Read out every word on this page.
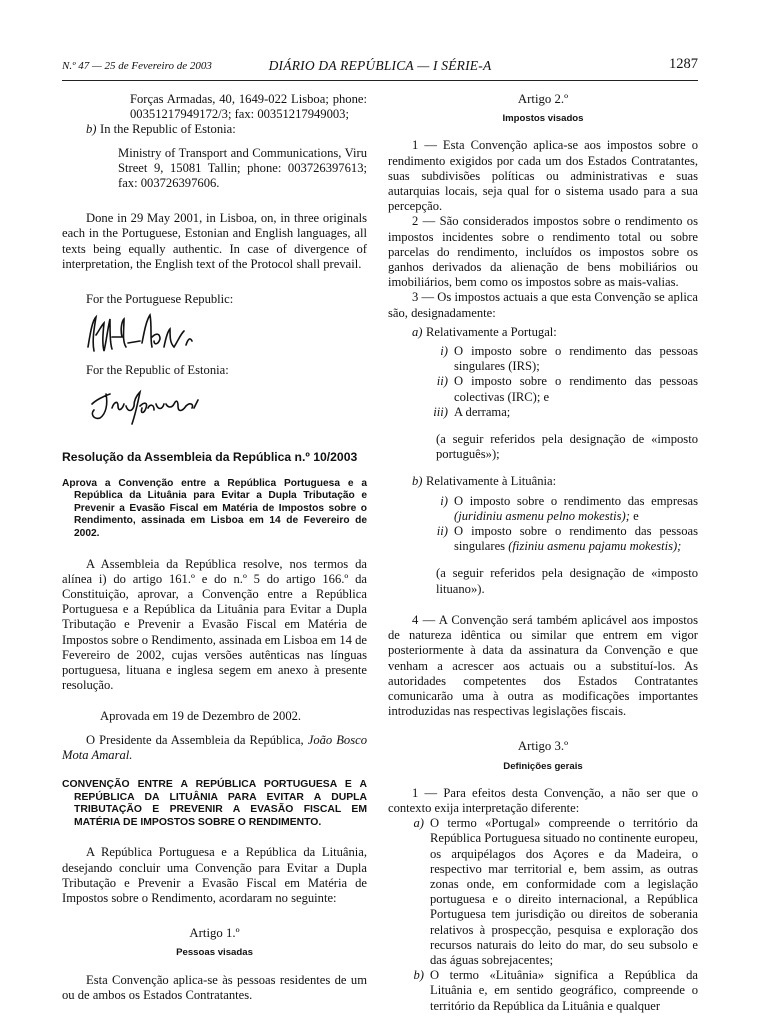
N.º 47 — 25 de Fevereiro de 2003	DIÁRIO DA REPÚBLICA — I SÉRIE-A	1287

Forças Armadas, 40, 1649-022 Lisboa; phone: 00351217949172/3; fax: 00351217949003;

b) In the Republic of Estonia:

Ministry of Transport and Communications, Viru Street 9, 15081 Tallin; phone: 003726397613; fax: 003726397606.

Done in 29 May 2001, in Lisboa, on, in three originals each in the Portuguese, Estonian and English languages, all texts being equally authentic. In case of divergence of interpretation, the English text of the Protocol shall prevail.

For the Portuguese Republic:

For the Republic of Estonia:

Resolução da Assembleia da República n.º 10/2003

Aprova a Convenção entre a República Portuguesa e a República da Lituânia para Evitar a Dupla Tributação e Prevenir a Evasão Fiscal em Matéria de Impostos sobre o Rendimento, assinada em Lisboa em 14 de Fevereiro de 2002.

A Assembleia da República resolve, nos termos da alínea i) do artigo 161.º e do n.º 5 do artigo 166.º da Constituição, aprovar, a Convenção entre a República Portuguesa e a República da Lituânia para Evitar a Dupla Tributação e Prevenir a Evasão Fiscal em Matéria de Impostos sobre o Rendimento, assinada em Lisboa em 14 de Fevereiro de 2002, cujas versões autênticas nas línguas portuguesa, lituana e inglesa segem em anexo à presente resolução.

Aprovada em 19 de Dezembro de 2002.

O Presidente da Assembleia da República, João Bosco Mota Amaral.

CONVENÇÃO ENTRE A REPÚBLICA PORTUGUESA E A REPÚBLICA DA LITUÂNIA PARA EVITAR A DUPLA TRIBUTAÇÃO E PREVENIR A EVASÃO FISCAL EM MATÉRIA DE IMPOSTOS SOBRE O RENDIMENTO.

A República Portuguesa e a República da Lituânia, desejando concluir uma Convenção para Evitar a Dupla Tributação e Prevenir a Evasão Fiscal em Matéria de Impostos sobre o Rendimento, acordaram no seguinte:

Artigo 1.º
Pessoas visadas

Esta Convenção aplica-se às pessoas residentes de um ou de ambos os Estados Contratantes.

Artigo 2.º
Impostos visados

1 — Esta Convenção aplica-se aos impostos sobre o rendimento exigidos por cada um dos Estados Contratantes, suas subdivisões políticas ou administrativas e suas autarquias locais, seja qual for o sistema usado para a sua percepção.

2 — São considerados impostos sobre o rendimento os impostos incidentes sobre o rendimento total ou sobre parcelas do rendimento, incluídos os impostos sobre os ganhos derivados da alienação de bens mobiliários ou imobiliários, bem como os impostos sobre as mais-valias.

3 — Os impostos actuais a que esta Convenção se aplica são, designadamente:

a) Relativamente a Portugal:
i) O imposto sobre o rendimento das pessoas singulares (IRS);
ii) O imposto sobre o rendimento das pessoas colectivas (IRC); e
iii) A derrama;

(a seguir referidos pela designação de «imposto português»);

b) Relativamente à Lituânia:
i) O imposto sobre o rendimento das empresas (juridiniu asmenu pelno mokestis); e
ii) O imposto sobre o rendimento das pessoas singulares (fiziniu asmenu pajamu mokestis);

(a seguir referidos pela designação de «imposto lituano»).

4 — A Convenção será também aplicável aos impostos de natureza idêntica ou similar que entrem em vigor posteriormente à data da assinatura da Convenção e que venham a acrescer aos actuais ou a substituí-los. As autoridades competentes dos Estados Contratantes comunicarão uma à outra as modificações importantes introduzidas nas respectivas legislações fiscais.

Artigo 3.º
Definições gerais

1 — Para efeitos desta Convenção, a não ser que o contexto exija interpretação diferente:

a) O termo «Portugal» compreende o território da República Portuguesa situado no continente europeu, os arquipélagos dos Açores e da Madeira, o respectivo mar territorial e, bem assim, as outras zonas onde, em conformidade com a legislação portuguesa e o direito internacional, a República Portuguesa tem jurisdição ou direitos de soberania relativos à prospecção, pesquisa e exploração dos recursos naturais do leito do mar, do seu subsolo e das águas sobrejacentes;
b) O termo «Lituânia» significa a República da Lituânia e, em sentido geográfico, compreende o território da República da Lituânia e qualquer
